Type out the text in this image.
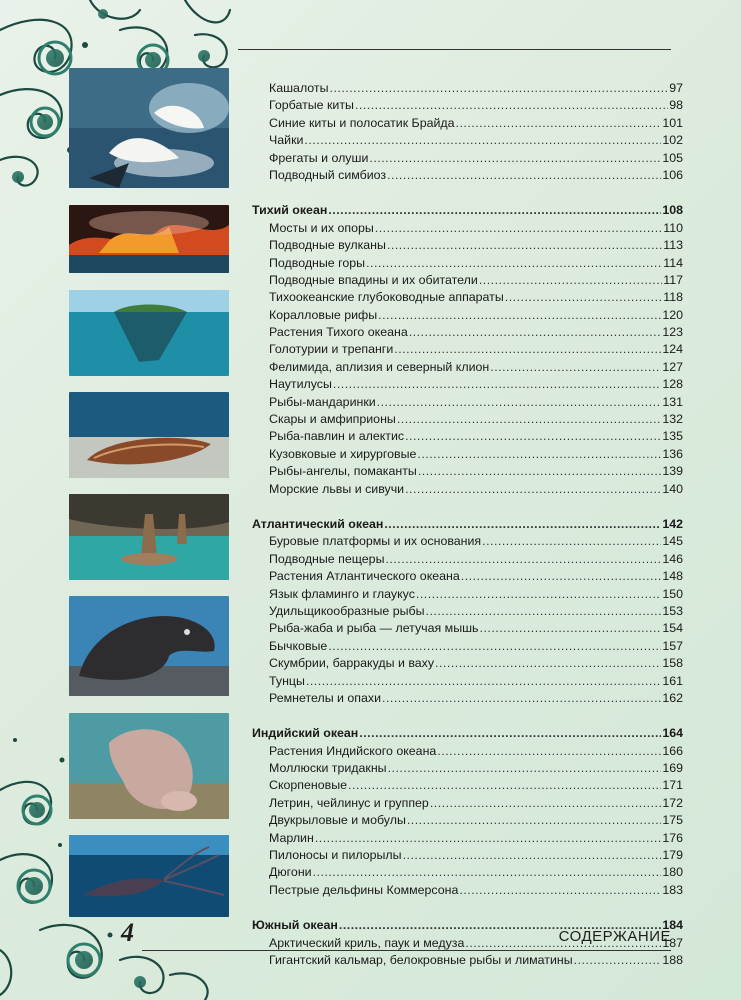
Кашалоты .....	97
Горбатые киты .....	98
Синие киты и полосатик Брайда .....	101
Чайки .....	102
Фрегаты и олуши .....	105
Подводный симбиоз .....	106
Тихий океан .....	108
Мосты и их опоры .....	110
Подводные вулканы .....	113
Подводные горы .....	114
Подводные впадины и их обитатели .....	117
Тихоокеанские глубоководные аппараты .....	118
Коралловые рифы .....	120
Растения Тихого океана .....	123
Голотурии и трепанги .....	124
Фелимида, аплизия и северный клион .....	127
Наутилусы .....	128
Рыбы-мандаринки .....	131
Скары и амфиприоны .....	132
Рыба-павлин и алектис .....	135
Кузовковые и хирурговые .....	136
Рыбы-ангелы, помаканты .....	139
Морские львы и сивучи .....	140
Атлантический океан .....	142
Буровые платформы и их основания .....	145
Подводные пещеры .....	146
Растения Атлантического океана .....	148
Язык фламинго и глаукус .....	150
Удильщикообразные рыбы .....	153
Рыба-жаба и рыба — летучая мышь .....	154
Бычковые .....	157
Скумбрии, барракуды и ваху .....	158
Тунцы .....	161
Ремнетелы и опахи .....	162
Индийский океан .....	164
Растения Индийского океана .....	166
Моллюски тридакны .....	169
Скорпеновые .....	171
Летрин, чейлинус и группер .....	172
Двукрыловые и мобулы .....	175
Марлин .....	176
Пилоносы и пилорылы .....	179
Дюгони .....	180
Пестрые дельфины Коммерсона .....	183
Южный океан .....	184
Арктический криль, паук и медуза .....	187
Гигантский кальмар, белокровные рыбы и лиматины .....	188
4	СОДЕРЖАНИЕ
